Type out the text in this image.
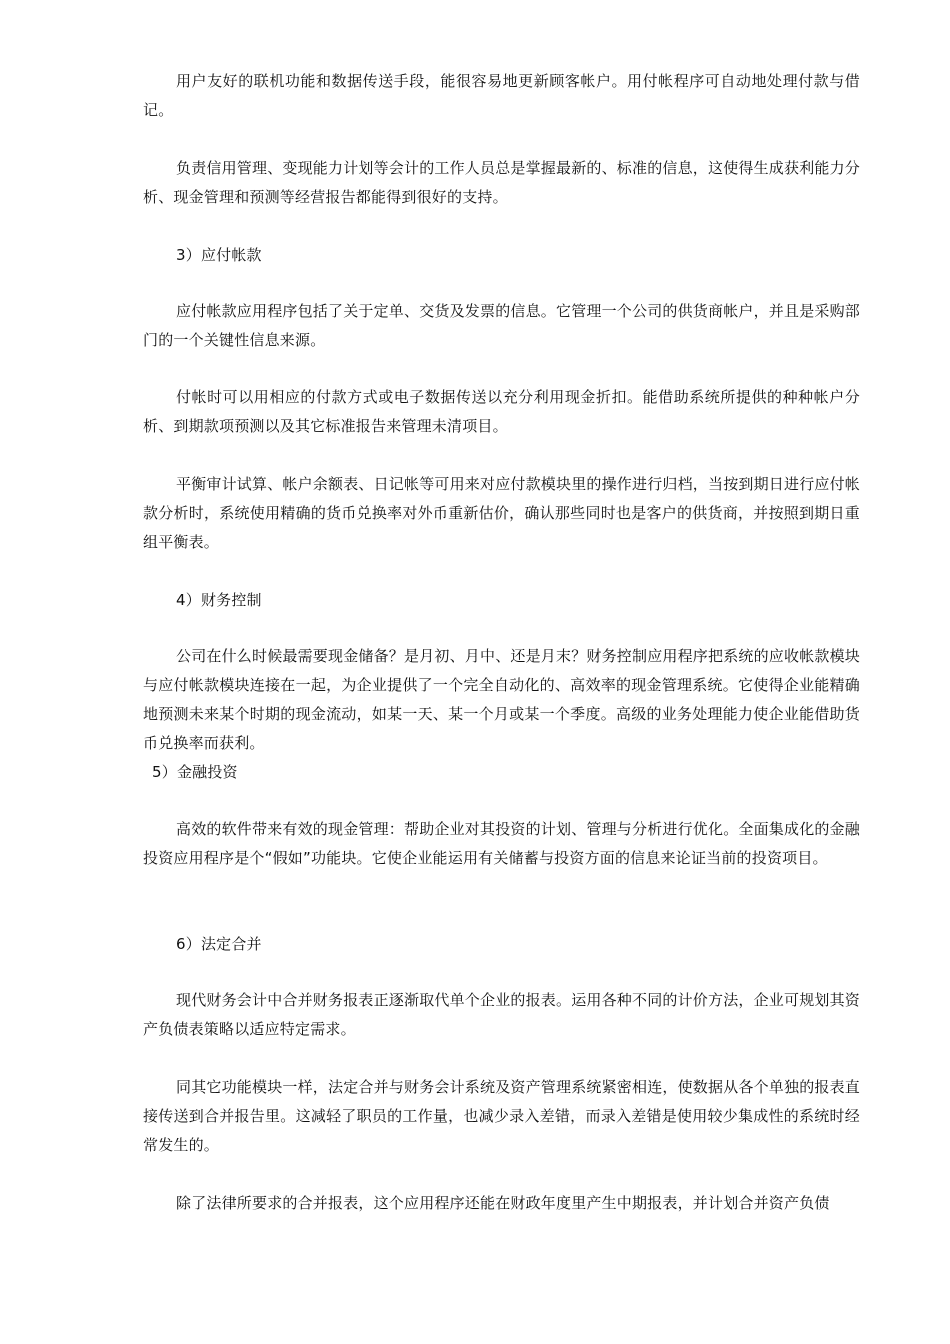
用户友好的联机功能和数据传送手段，能很容易地更新顾客帐户。用付帐程序可自动地处理付款与借记。

负责信用管理、变现能力计划等会计的工作人员总是掌握最新的、标准的信息，这使得生成获利能力分析、现金管理和预测等经营报告都能得到很好的支持。

3）应付帐款

应付帐款应用程序包括了关于定单、交货及发票的信息。它管理一个公司的供货商帐户，并且是采购部门的一个关键性信息来源。

付帐时可以用相应的付款方式或电子数据传送以充分利用现金折扣。能借助系统所提供的种种帐户分析、到期款项预测以及其它标准报告来管理未清项目。

平衡审计试算、帐户余额表、日记帐等可用来对应付款模块里的操作进行归档，当按到期日进行应付帐款分析时，系统使用精确的货币兑换率对外币重新估价，确认那些同时也是客户的供货商，并按照到期日重组平衡表。

4）财务控制

公司在什么时候最需要现金储备？是月初、月中、还是月末？财务控制应用程序把系统的应收帐款模块与应付帐款模块连接在一起，为企业提供了一个完全自动化的、高效率的现金管理系统。它使得企业能精确地预测未来某个时期的现金流动，如某一天、某一个月或某一个季度。高级的业务处理能力使企业能借助货币兑换率而获利。

5）金融投资

高效的软件带来有效的现金管理：帮助企业对其投资的计划、管理与分析进行优化。全面集成化的金融投资应用程序是个“假如”功能块。它使企业能运用有关储蓄与投资方面的信息来论证当前的投资项目。

6）法定合并

现代财务会计中合并财务报表正逐渐取代单个企业的报表。运用各种不同的计价方法，企业可规划其资产负债表策略以适应特定需求。

同其它功能模块一样，法定合并与财务会计系统及资产管理系统紧密相连，使数据从各个单独的报表直接传送到合并报告里。这减轻了职员的工作量，也减少录入差错，而录入差错是使用较少集成性的系统时经常发生的。

除了法律所要求的合并报表，这个应用程序还能在财政年度里产生中期报表，并计划合并资产负债
